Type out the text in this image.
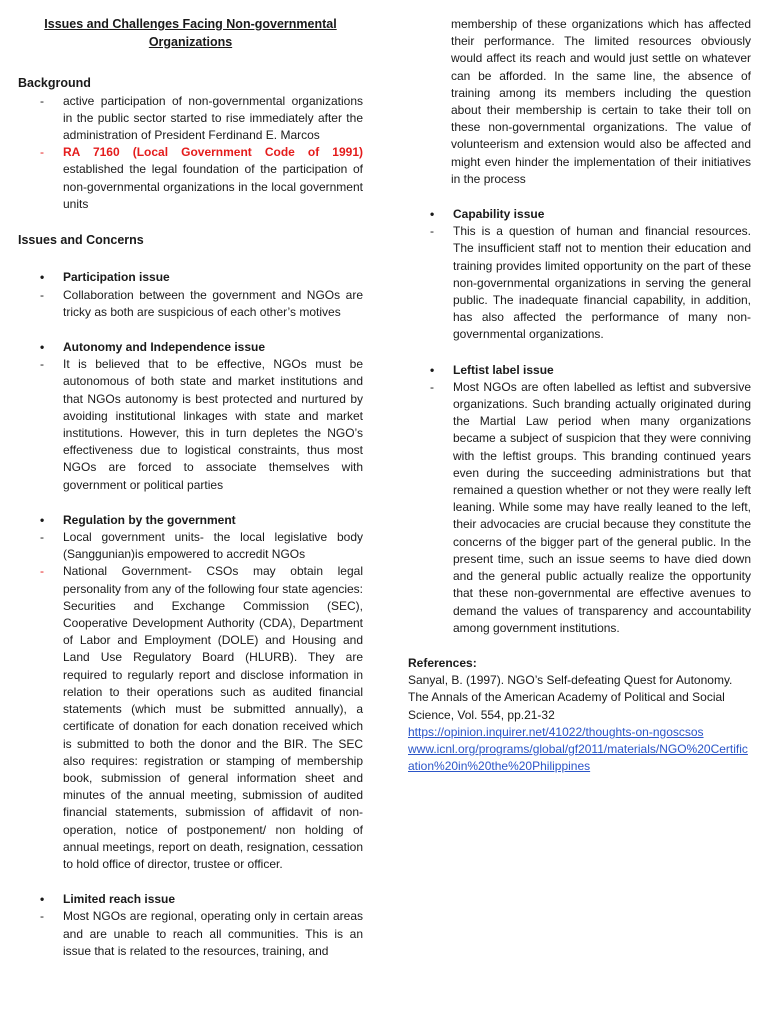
Issues and Challenges Facing Non-governmental Organizations

Background

- active participation of non-governmental organizations in the public sector started to rise immediately after the administration of President Ferdinand E. Marcos

- RA 7160 (Local Government Code of 1991) established the legal foundation of the participation of non-governmental organizations in the local government units

Issues and Concerns

• Participation issue
- Collaboration between the government and NGOs are tricky as both are suspicious of each other’s motives

• Autonomy and Independence issue
- It is believed that to be effective, NGOs must be autonomous of both state and market institutions and that NGOs autonomy is best protected and nurtured by avoiding institutional linkages with state and market institutions. However, this in turn depletes the NGO’s effectiveness due to logistical constraints, thus most NGOs are forced to associate themselves with government or political parties

• Regulation by the government
- Local government units- the local legislative body (Sanggunian)is empowered to accredit NGOs

- National Government- CSOs may obtain legal personality from any of the following four state agencies: Securities and Exchange Commission (SEC), Cooperative Development Authority (CDA), Department of Labor and Employment (DOLE) and Housing and Land Use Regulatory Board (HLURB). They are required to regularly report and disclose information in relation to their operations such as audited financial statements (which must be submitted annually), a certificate of donation for each donation received which is submitted to both the donor and the BIR. The SEC also requires: registration or stamping of membership book, submission of general information sheet and minutes of the annual meeting, submission of audited financial statements, submission of affidavit of non-operation, notice of postponement/ non holding of annual meetings, report on death, resignation, cessation to hold office of director, trustee or officer.

• Limited reach issue
- Most NGOs are regional, operating only in certain areas and are unable to reach all communities. This is an issue that is related to the resources, training, and

membership of these organizations which has affected their performance. The limited resources obviously would affect its reach and would just settle on whatever can be afforded. In the same line, the absence of training among its members including the question about their membership is certain to take their toll on these non-governmental organizations. The value of volunteerism and extension would also be affected and might even hinder the implementation of their initiatives in the process

• Capability issue
- This is a question of human and financial resources. The insufficient staff not to mention their education and training provides limited opportunity on the part of these non-governmental organizations in serving the general public. The inadequate financial capability, in addition, has also affected the performance of many non-governmental organizations.

• Leftist label issue
- Most NGOs are often labelled as leftist and subversive organizations. Such branding actually originated during the Martial Law period when many organizations became a subject of suspicion that they were conniving with the leftist groups. This branding continued years even during the succeeding administrations but that remained a question whether or not they were really left leaning. While some may have really leaned to the left, their advocacies are crucial because they constitute the concerns of the bigger part of the general public. In the present time, such an issue seems to have died down and the general public actually realize the opportunity that these non-governmental are effective avenues to demand the values of transparency and accountability among government institutions.

References:

Sanyal, B. (1997). NGO’s Self-defeating Quest for Autonomy. The Annals of the American Academy of Political and Social Science, Vol. 554, pp.21-32

https://opinion.inquirer.net/41022/thoughts-on-ngoscsos
www.icnl.org/programs/global/gf2011/materials/NGO%20Certification%20in%20the%20Philippines
